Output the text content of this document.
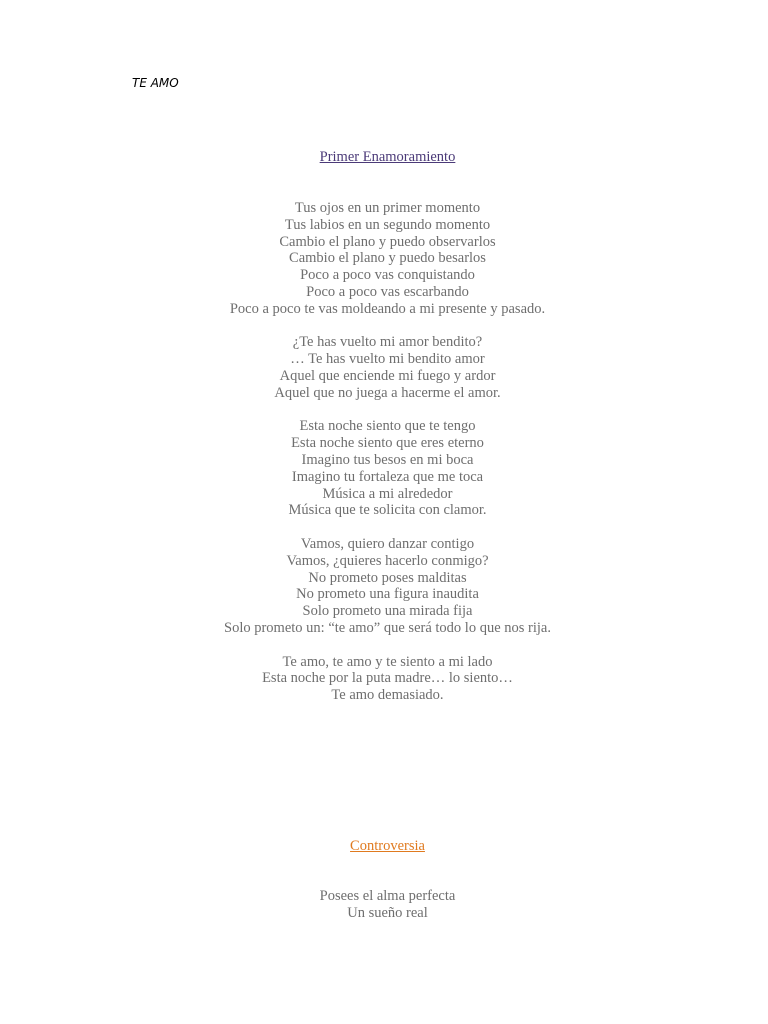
TE AMO
Primer Enamoramiento
Tus ojos en un primer momento
Tus labios en un segundo momento
Cambio el plano y puedo observarlos
Cambio el plano y puedo besarlos
Poco a poco vas conquistando
Poco a poco vas escarbando
Poco a poco te vas moldeando a mi presente y pasado.
¿Te has vuelto mi amor bendito?
… Te has vuelto mi bendito amor
Aquel que enciende mi fuego y ardor
Aquel que no juega a hacerme el amor.
Esta noche siento que te tengo
Esta noche siento que eres eterno
Imagino tus besos en mi boca
Imagino tu fortaleza que me toca
Música a mi alrededor
Música que te solicita con clamor.
Vamos, quiero danzar contigo
Vamos, ¿quieres hacerlo conmigo?
No prometo poses malditas
No prometo una figura inaudita
Solo prometo una mirada fija
Solo prometo un: “te amo” que será todo lo que nos rija.
Te amo, te amo y te siento a mi lado
Esta noche por la puta madre… lo siento…
Te amo demasiado.
Controversia
Posees el alma perfecta
Un sueño real
